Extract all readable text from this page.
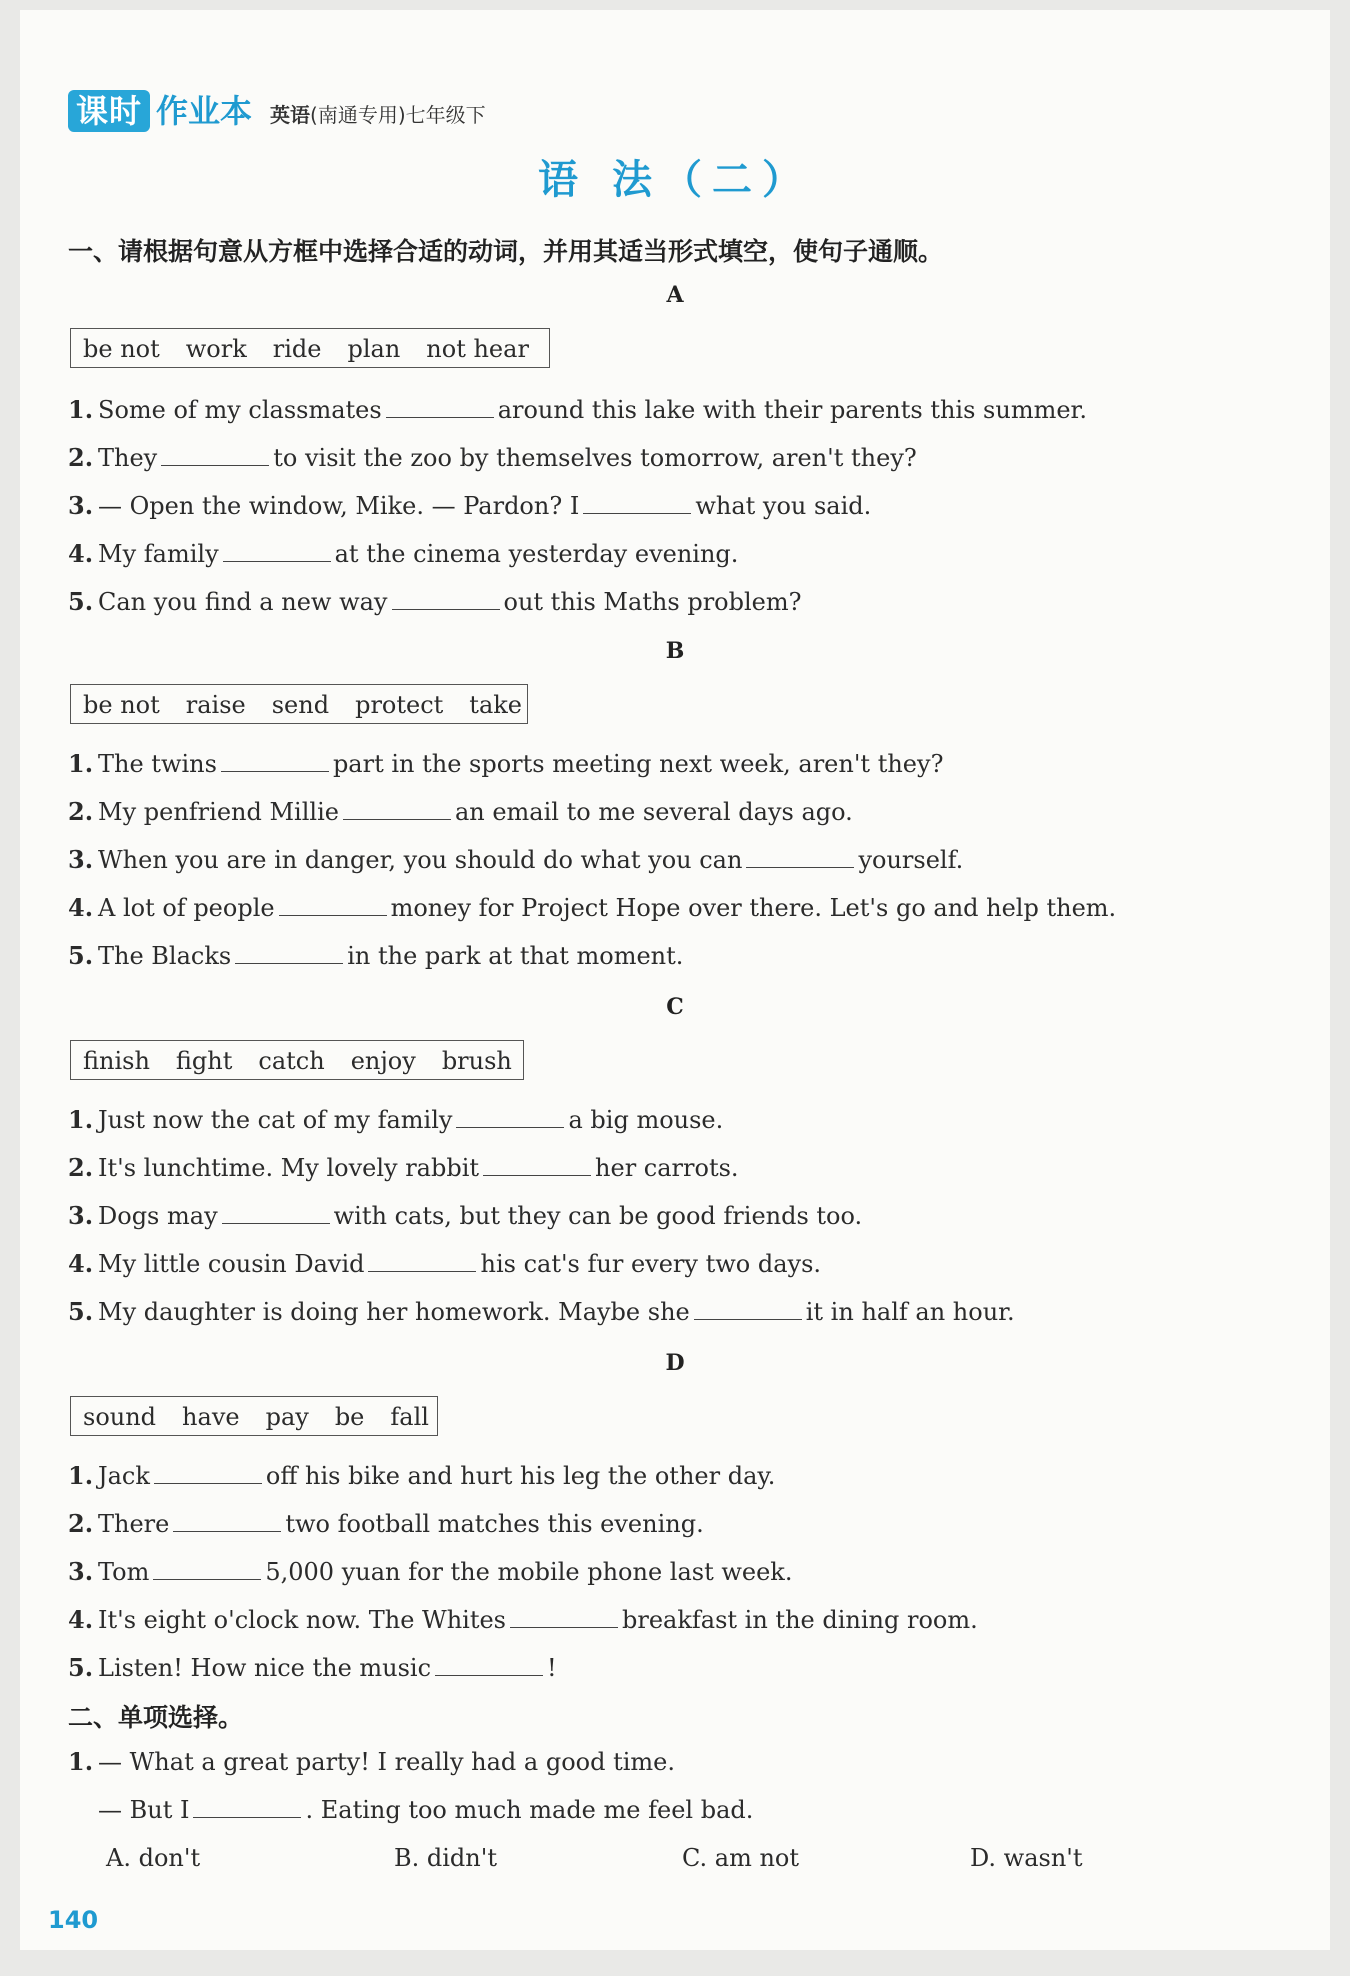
课时 作业本 英语(南通专用)七年级下
语 法（二）
一、请根据句意从方框中选择合适的动词，并用其适当形式填空，使句子通顺。
A
be not work ride plan not hear
1. Some of my classmates	around this lake with their parents this summer.
2. They	to visit the zoo by themselves tomorrow, aren't they?
3. — Open the window, Mike. — Pardon? I	what you said.
4. My family	at the cinema yesterday evening.
5. Can you find a new way	out this Maths problem?
B
be not raise send protect take
1. The twins	part in the sports meeting next week, aren't they?
2. My penfriend Millie	an email to me several days ago.
3. When you are in danger, you should do what you can	yourself.
4. A lot of people	money for Project Hope over there. Let's go and help them.
5. The Blacks	in the park at that moment.
C
finish fight catch enjoy brush
1. Just now the cat of my family	a big mouse.
2. It's lunchtime. My lovely rabbit	her carrots.
3. Dogs may	with cats, but they can be good friends too.
4. My little cousin David	his cat's fur every two days.
5. My daughter is doing her homework. Maybe she	it in half an hour.
D
sound have pay be fall
1. Jack	off his bike and hurt his leg the other day.
2. There	two football matches this evening.
3. Tom	5,000 yuan for the mobile phone last week.
4. It's eight o'clock now. The Whites	breakfast in the dining room.
5. Listen! How nice the music	!
二、单项选择。
1. — What a great party! I really had a good time.
— But I	. Eating too much made me feel bad.
A. don't	B. didn't	C. am not	D. wasn't
140
